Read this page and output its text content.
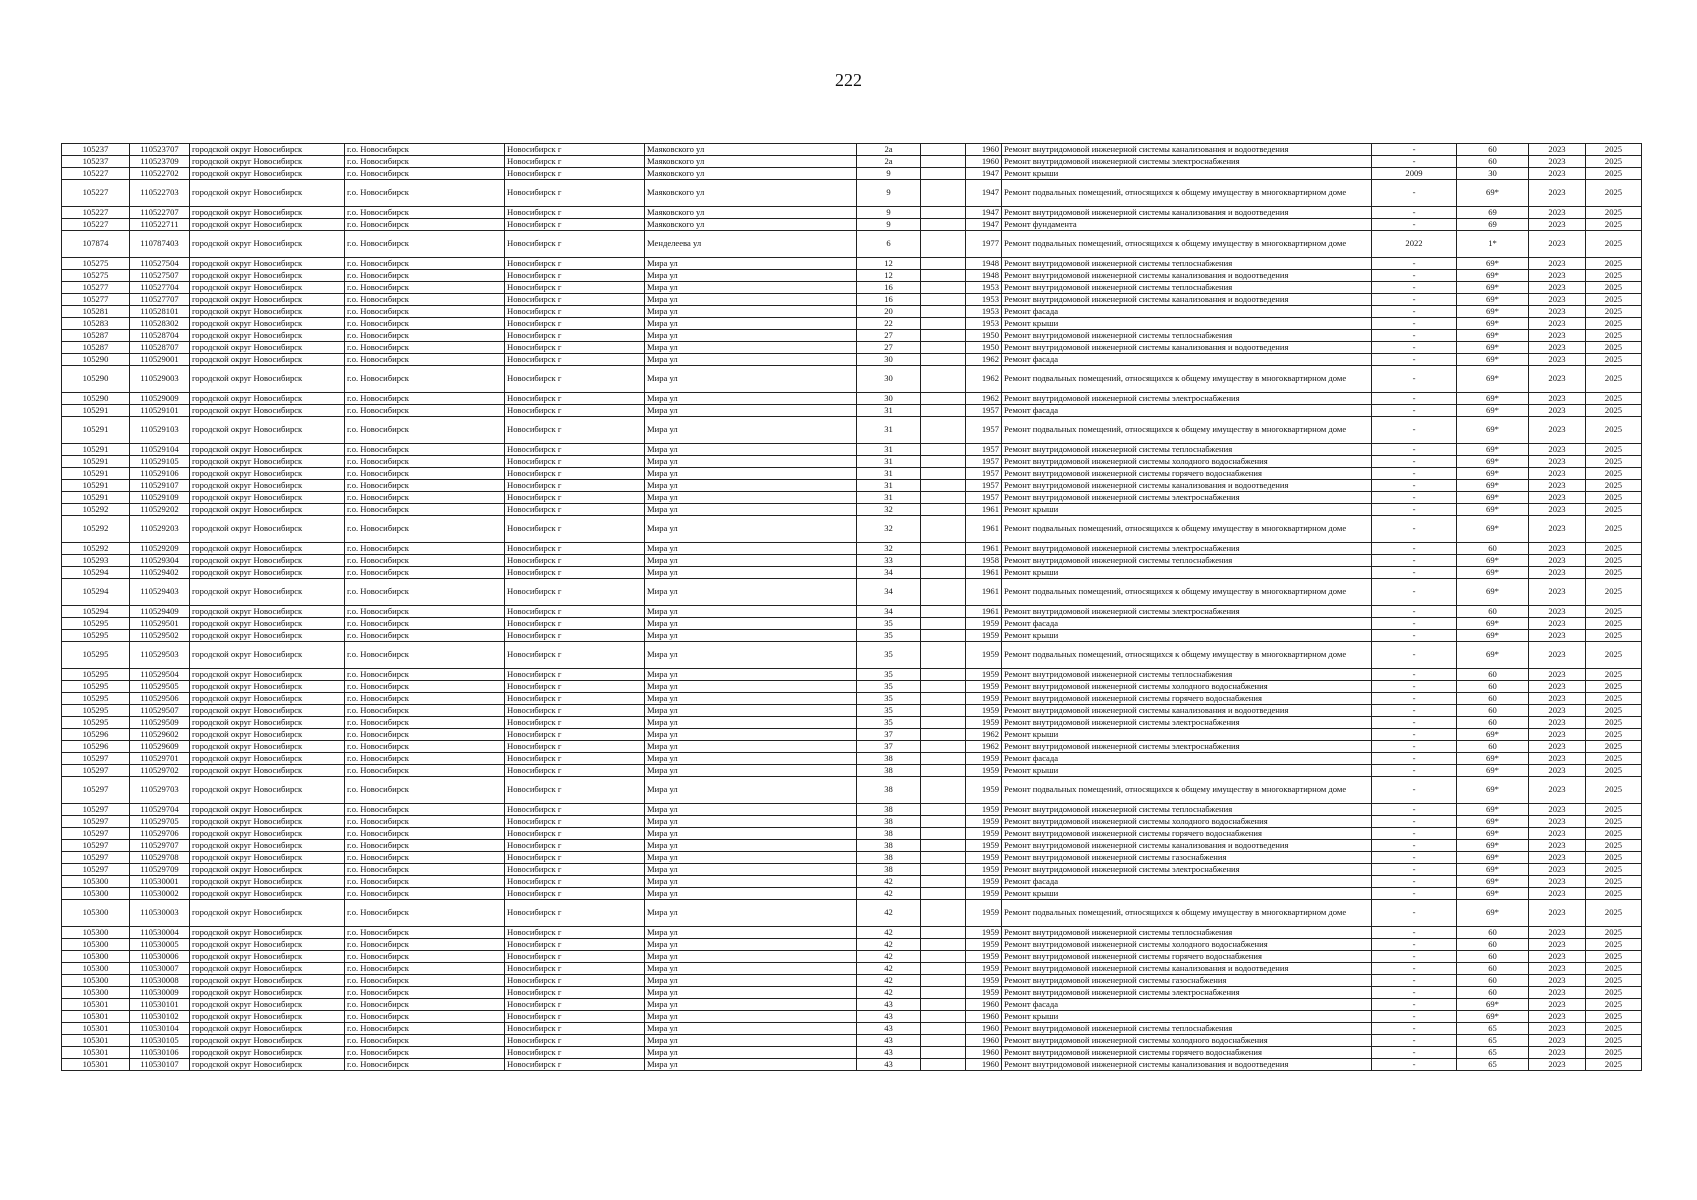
222
105237	110523707	городской округ Новосибирск	г.о. Новосибирск	Новосибирск г	Маяковского ул	2а		1960	Ремонт внутридомовой инженерной системы канализования и водоотведения	-	60	2023	2025
105237	110523709	городской округ Новосибирск	г.о. Новосибирск	Новосибирск г	Маяковского ул	2а		1960	Ремонт внутридомовой инженерной системы электроснабжения	-	60	2023	2025
105227	110522702	городской округ Новосибирск	г.о. Новосибирск	Новосибирск г	Маяковского ул	9		1947	Ремонт крыши	2009	30	2023	2025
105227	110522703	городской округ Новосибирск	г.о. Новосибирск	Новосибирск г	Маяковского ул	9		1947	Ремонт подвальных помещений, относящихся к общему имуществу в многоквартирном доме	-	69*	2023	2025
105227	110522707	городской округ Новосибирск	г.о. Новосибирск	Новосибирск г	Маяковского ул	9		1947	Ремонт внутридомовой инженерной системы канализования и водоотведения	-	69	2023	2025
105227	110522711	городской округ Новосибирск	г.о. Новосибирск	Новосибирск г	Маяковского ул	9		1947	Ремонт фундамента	-	69	2023	2025
107874	110787403	городской округ Новосибирск	г.о. Новосибирск	Новосибирск г	Менделеева ул	6		1977	Ремонт подвальных помещений, относящихся к общему имуществу в многоквартирном доме	2022	1*	2023	2025
105275	110527504	городской округ Новосибирск	г.о. Новосибирск	Новосибирск г	Мира ул	12		1948	Ремонт внутридомовой инженерной системы теплоснабжения	-	69*	2023	2025
105275	110527507	городской округ Новосибирск	г.о. Новосибирск	Новосибирск г	Мира ул	12		1948	Ремонт внутридомовой инженерной системы канализования и водоотведения	-	69*	2023	2025
105277	110527704	городской округ Новосибирск	г.о. Новосибирск	Новосибирск г	Мира ул	16		1953	Ремонт внутридомовой инженерной системы теплоснабжения	-	69*	2023	2025
105277	110527707	городской округ Новосибирск	г.о. Новосибирск	Новосибирск г	Мира ул	16		1953	Ремонт внутридомовой инженерной системы канализования и водоотведения	-	69*	2023	2025
105281	110528101	городской округ Новосибирск	г.о. Новосибирск	Новосибирск г	Мира ул	20		1953	Ремонт фасада	-	69*	2023	2025
105283	110528302	городской округ Новосибирск	г.о. Новосибирск	Новосибирск г	Мира ул	22		1953	Ремонт крыши	-	69*	2023	2025
105287	110528704	городской округ Новосибирск	г.о. Новосибирск	Новосибирск г	Мира ул	27		1950	Ремонт внутридомовой инженерной системы теплоснабжения	-	69*	2023	2025
105287	110528707	городской округ Новосибирск	г.о. Новосибирск	Новосибирск г	Мира ул	27		1950	Ремонт внутридомовой инженерной системы канализования и водоотведения	-	69*	2023	2025
105290	110529001	городской округ Новосибирск	г.о. Новосибирск	Новосибирск г	Мира ул	30		1962	Ремонт фасада	-	69*	2023	2025
105290	110529003	городской округ Новосибирск	г.о. Новосибирск	Новосибирск г	Мира ул	30		1962	Ремонт подвальных помещений, относящихся к общему имуществу в многоквартирном доме	-	69*	2023	2025
105290	110529009	городской округ Новосибирск	г.о. Новосибирск	Новосибирск г	Мира ул	30		1962	Ремонт внутридомовой инженерной системы электроснабжения	-	69*	2023	2025
105291	110529101	городской округ Новосибирск	г.о. Новосибирск	Новосибирск г	Мира ул	31		1957	Ремонт фасада	-	69*	2023	2025
105291	110529103	городской округ Новосибирск	г.о. Новосибирск	Новосибирск г	Мира ул	31		1957	Ремонт подвальных помещений, относящихся к общему имуществу в многоквартирном доме	-	69*	2023	2025
105291	110529104	городской округ Новосибирск	г.о. Новосибирск	Новосибирск г	Мира ул	31		1957	Ремонт внутридомовой инженерной системы теплоснабжения	-	69*	2023	2025
105291	110529105	городской округ Новосибирск	г.о. Новосибирск	Новосибирск г	Мира ул	31		1957	Ремонт внутридомовой инженерной системы холодного водоснабжения	-	69*	2023	2025
105291	110529106	городской округ Новосибирск	г.о. Новосибирск	Новосибирск г	Мира ул	31		1957	Ремонт внутридомовой инженерной системы горячего водоснабжения	-	69*	2023	2025
105291	110529107	городской округ Новосибирск	г.о. Новосибирск	Новосибирск г	Мира ул	31		1957	Ремонт внутридомовой инженерной системы канализования и водоотведения	-	69*	2023	2025
105291	110529109	городской округ Новосибирск	г.о. Новосибирск	Новосибирск г	Мира ул	31		1957	Ремонт внутридомовой инженерной системы электроснабжения	-	69*	2023	2025
105292	110529202	городской округ Новосибирск	г.о. Новосибирск	Новосибирск г	Мира ул	32		1961	Ремонт крыши	-	69*	2023	2025
105292	110529203	городской округ Новосибирск	г.о. Новосибирск	Новосибирск г	Мира ул	32		1961	Ремонт подвальных помещений, относящихся к общему имуществу в многоквартирном доме	-	69*	2023	2025
105292	110529209	городской округ Новосибирск	г.о. Новосибирск	Новосибирск г	Мира ул	32		1961	Ремонт внутридомовой инженерной системы электроснабжения	-	60	2023	2025
105293	110529304	городской округ Новосибирск	г.о. Новосибирск	Новосибирск г	Мира ул	33		1958	Ремонт внутридомовой инженерной системы теплоснабжения	-	69*	2023	2025
105294	110529402	городской округ Новосибирск	г.о. Новосибирск	Новосибирск г	Мира ул	34		1961	Ремонт крыши	-	69*	2023	2025
105294	110529403	городской округ Новосибирск	г.о. Новосибирск	Новосибирск г	Мира ул	34		1961	Ремонт подвальных помещений, относящихся к общему имуществу в многоквартирном доме	-	69*	2023	2025
105294	110529409	городской округ Новосибирск	г.о. Новосибирск	Новосибирск г	Мира ул	34		1961	Ремонт внутридомовой инженерной системы электроснабжения	-	60	2023	2025
105295	110529501	городской округ Новосибирск	г.о. Новосибирск	Новосибирск г	Мира ул	35		1959	Ремонт фасада	-	69*	2023	2025
105295	110529502	городской округ Новосибирск	г.о. Новосибирск	Новосибирск г	Мира ул	35		1959	Ремонт крыши	-	69*	2023	2025
105295	110529503	городской округ Новосибирск	г.о. Новосибирск	Новосибирск г	Мира ул	35		1959	Ремонт подвальных помещений, относящихся к общему имуществу в многоквартирном доме	-	69*	2023	2025
105295	110529504	городской округ Новосибирск	г.о. Новосибирск	Новосибирск г	Мира ул	35		1959	Ремонт внутридомовой инженерной системы теплоснабжения	-	60	2023	2025
105295	110529505	городской округ Новосибирск	г.о. Новосибирск	Новосибирск г	Мира ул	35		1959	Ремонт внутридомовой инженерной системы холодного водоснабжения	-	60	2023	2025
105295	110529506	городской округ Новосибирск	г.о. Новосибирск	Новосибирск г	Мира ул	35		1959	Ремонт внутридомовой инженерной системы горячего водоснабжения	-	60	2023	2025
105295	110529507	городской округ Новосибирск	г.о. Новосибирск	Новосибирск г	Мира ул	35		1959	Ремонт внутридомовой инженерной системы канализования и водоотведения	-	60	2023	2025
105295	110529509	городской округ Новосибирск	г.о. Новосибирск	Новосибирск г	Мира ул	35		1959	Ремонт внутридомовой инженерной системы электроснабжения	-	60	2023	2025
105296	110529602	городской округ Новосибирск	г.о. Новосибирск	Новосибирск г	Мира ул	37		1962	Ремонт крыши	-	69*	2023	2025
105296	110529609	городской округ Новосибирск	г.о. Новосибирск	Новосибирск г	Мира ул	37		1962	Ремонт внутридомовой инженерной системы электроснабжения	-	60	2023	2025
105297	110529701	городской округ Новосибирск	г.о. Новосибирск	Новосибирск г	Мира ул	38		1959	Ремонт фасада	-	69*	2023	2025
105297	110529702	городской округ Новосибирск	г.о. Новосибирск	Новосибирск г	Мира ул	38		1959	Ремонт крыши	-	69*	2023	2025
105297	110529703	городской округ Новосибирск	г.о. Новосибирск	Новосибирск г	Мира ул	38		1959	Ремонт подвальных помещений, относящихся к общему имуществу в многоквартирном доме	-	69*	2023	2025
105297	110529704	городской округ Новосибирск	г.о. Новосибирск	Новосибирск г	Мира ул	38		1959	Ремонт внутридомовой инженерной системы теплоснабжения	-	69*	2023	2025
105297	110529705	городской округ Новосибирск	г.о. Новосибирск	Новосибирск г	Мира ул	38		1959	Ремонт внутридомовой инженерной системы холодного водоснабжения	-	69*	2023	2025
105297	110529706	городской округ Новосибирск	г.о. Новосибирск	Новосибирск г	Мира ул	38		1959	Ремонт внутридомовой инженерной системы горячего водоснабжения	-	69*	2023	2025
105297	110529707	городской округ Новосибирск	г.о. Новосибирск	Новосибирск г	Мира ул	38		1959	Ремонт внутридомовой инженерной системы канализования и водоотведения	-	69*	2023	2025
105297	110529708	городской округ Новосибирск	г.о. Новосибирск	Новосибирск г	Мира ул	38		1959	Ремонт внутридомовой инженерной системы газоснабжения	-	69*	2023	2025
105297	110529709	городской округ Новосибирск	г.о. Новосибирск	Новосибирск г	Мира ул	38		1959	Ремонт внутридомовой инженерной системы электроснабжения	-	69*	2023	2025
105300	110530001	городской округ Новосибирск	г.о. Новосибирск	Новосибирск г	Мира ул	42		1959	Ремонт фасада	-	69*	2023	2025
105300	110530002	городской округ Новосибирск	г.о. Новосибирск	Новосибирск г	Мира ул	42		1959	Ремонт крыши	-	69*	2023	2025
105300	110530003	городской округ Новосибирск	г.о. Новосибирск	Новосибирск г	Мира ул	42		1959	Ремонт подвальных помещений, относящихся к общему имуществу в многоквартирном доме	-	69*	2023	2025
105300	110530004	городской округ Новосибирск	г.о. Новосибирск	Новосибирск г	Мира ул	42		1959	Ремонт внутридомовой инженерной системы теплоснабжения	-	60	2023	2025
105300	110530005	городской округ Новосибирск	г.о. Новосибирск	Новосибирск г	Мира ул	42		1959	Ремонт внутридомовой инженерной системы холодного водоснабжения	-	60	2023	2025
105300	110530006	городской округ Новосибирск	г.о. Новосибирск	Новосибирск г	Мира ул	42		1959	Ремонт внутридомовой инженерной системы горячего водоснабжения	-	60	2023	2025
105300	110530007	городской округ Новосибирск	г.о. Новосибирск	Новосибирск г	Мира ул	42		1959	Ремонт внутридомовой инженерной системы канализования и водоотведения	-	60	2023	2025
105300	110530008	городской округ Новосибирск	г.о. Новосибирск	Новосибирск г	Мира ул	42		1959	Ремонт внутридомовой инженерной системы газоснабжения	-	60	2023	2025
105300	110530009	городской округ Новосибирск	г.о. Новосибирск	Новосибирск г	Мира ул	42		1959	Ремонт внутридомовой инженерной системы электроснабжения	-	60	2023	2025
105301	110530101	городской округ Новосибирск	г.о. Новосибирск	Новосибирск г	Мира ул	43		1960	Ремонт фасада	-	69*	2023	2025
105301	110530102	городской округ Новосибирск	г.о. Новосибирск	Новосибирск г	Мира ул	43		1960	Ремонт крыши	-	69*	2023	2025
105301	110530104	городской округ Новосибирск	г.о. Новосибирск	Новосибирск г	Мира ул	43		1960	Ремонт внутридомовой инженерной системы теплоснабжения	-	65	2023	2025
105301	110530105	городской округ Новосибирск	г.о. Новосибирск	Новосибирск г	Мира ул	43		1960	Ремонт внутридомовой инженерной системы холодного водоснабжения	-	65	2023	2025
105301	110530106	городской округ Новосибирск	г.о. Новосибирск	Новосибирск г	Мира ул	43		1960	Ремонт внутридомовой инженерной системы горячего водоснабжения	-	65	2023	2025
105301	110530107	городской округ Новосибирск	г.о. Новосибирск	Новосибирск г	Мира ул	43		1960	Ремонт внутридомовой инженерной системы канализования и водоотведения	-	65	2023	2025
